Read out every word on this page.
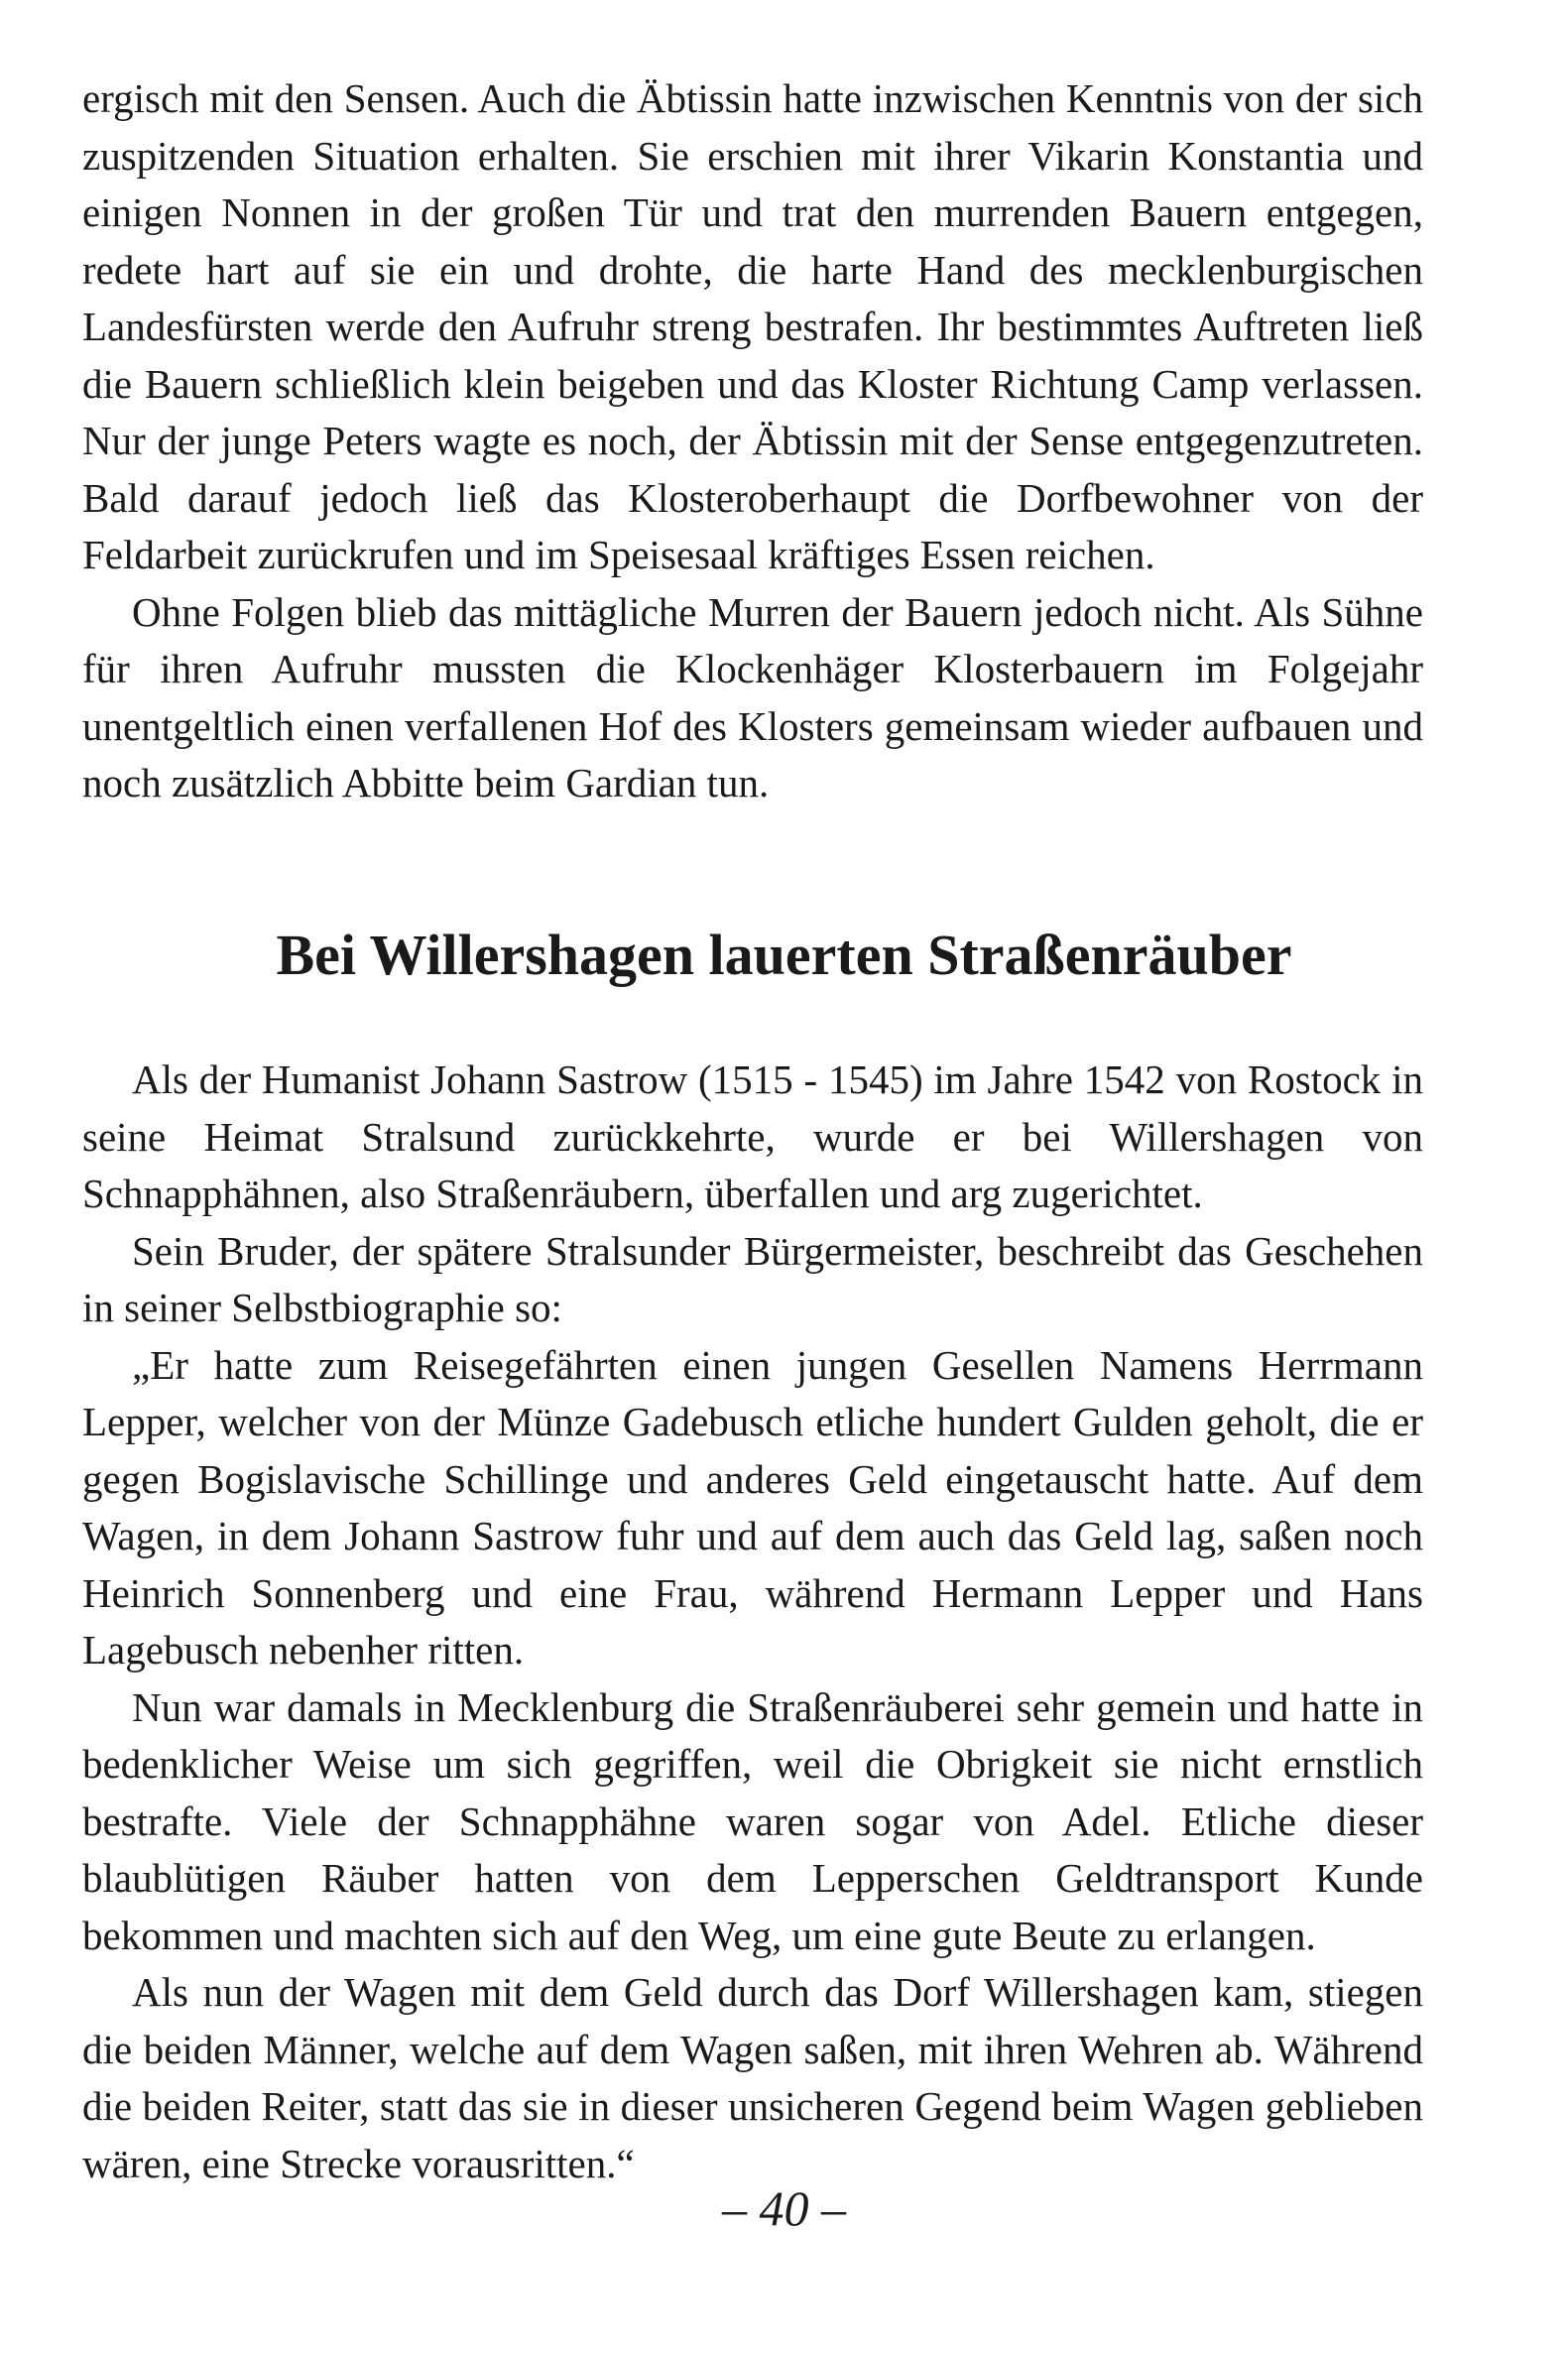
ergisch mit den Sensen. Auch die Äbtissin hatte inzwischen Kenntnis von der sich zuspitzenden Situation erhalten. Sie erschien mit ihrer Vikarin Konstantia und einigen Nonnen in der großen Tür und trat den murrenden Bauern entgegen, redete hart auf sie ein und drohte, die harte Hand des mecklenburgischen Landesfürsten werde den Aufruhr streng bestrafen. Ihr bestimmtes Auftreten ließ die Bauern schließlich klein beigeben und das Kloster Richtung Camp verlassen. Nur der junge Peters wagte es noch, der Äbtissin mit der Sense entgegenzutreten. Bald darauf jedoch ließ das Klosteroberhaupt die Dorfbewohner von der Feldarbeit zurückrufen und im Speisesaal kräftiges Essen reichen.

Ohne Folgen blieb das mittägliche Murren der Bauern jedoch nicht. Als Sühne für ihren Aufruhr mussten die Klockenhäger Klosterbauern im Folgejahr unentgeltlich einen verfallenen Hof des Klosters gemeinsam wieder aufbauen und noch zusätzlich Abbitte beim Gardian tun.

Bei Willershagen lauerten Straßenräuber

Als der Humanist Johann Sastrow (1515 - 1545) im Jahre 1542 von Rostock in seine Heimat Stralsund zurückkehrte, wurde er bei Willershagen von Schnapphähnen, also Straßenräubern, überfallen und arg zugerichtet.

Sein Bruder, der spätere Stralsunder Bürgermeister, beschreibt das Geschehen in seiner Selbstbiographie so:

„Er hatte zum Reisegefährten einen jungen Gesellen Namens Herrmann Lepper, welcher von der Münze Gadebusch etliche hundert Gulden geholt, die er gegen Bogislavische Schillinge und anderes Geld eingetauscht hatte. Auf dem Wagen, in dem Johann Sastrow fuhr und auf dem auch das Geld lag, saßen noch Heinrich Sonnenberg und eine Frau, während Hermann Lepper und Hans Lagebusch nebenher ritten.

Nun war damals in Mecklenburg die Straßenräuberei sehr gemein und hatte in bedenklicher Weise um sich gegriffen, weil die Obrigkeit sie nicht ernstlich bestrafte. Viele der Schnapphähne waren sogar von Adel. Etliche dieser blaublütigen Räuber hatten von dem Lepperschen Geldtransport Kunde bekommen und machten sich auf den Weg, um eine gute Beute zu erlangen.

Als nun der Wagen mit dem Geld durch das Dorf Willershagen kam, stiegen die beiden Männer, welche auf dem Wagen saßen, mit ihren Wehren ab. Während die beiden Reiter, statt das sie in dieser unsicheren Gegend beim Wagen geblieben wären, eine Strecke vorausritten.“

– 40 –
